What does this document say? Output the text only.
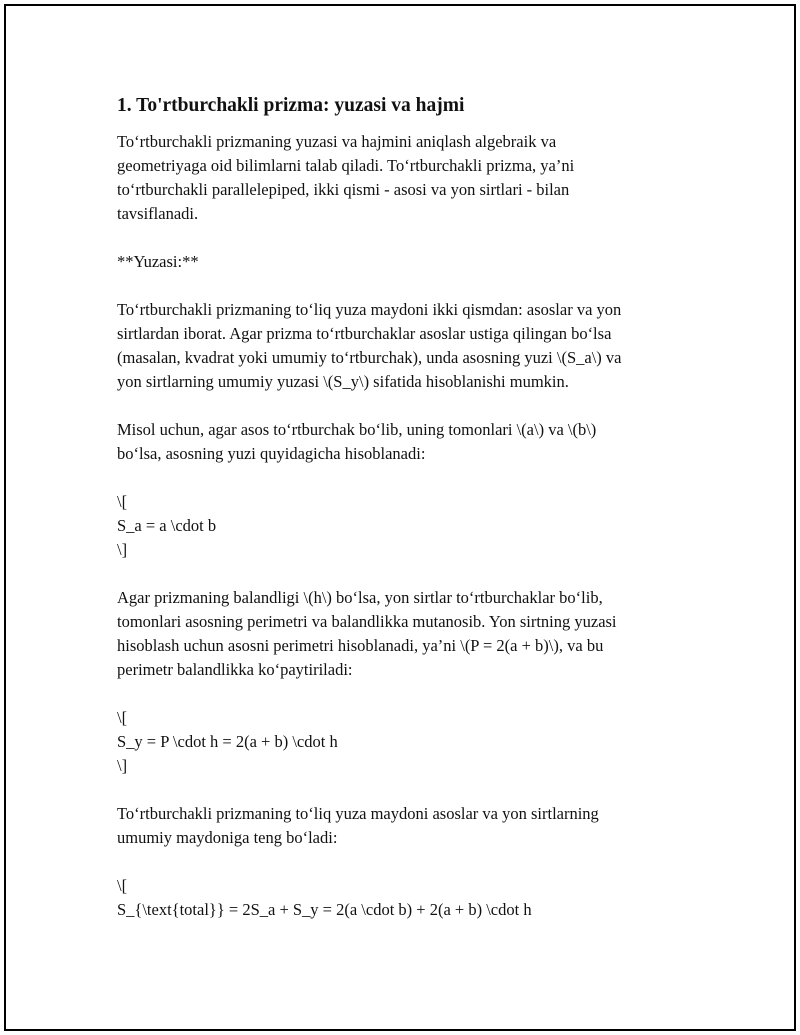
1. To'rtburchakli prizma: yuzasi va hajmi

To‘rtburchakli prizmaning yuzasi va hajmini aniqlash algebraik va
geometriyaga oid bilimlarni talab qiladi. To‘rtburchakli prizma, ya’ni
to‘rtburchakli parallelepiped, ikki qismi - asosi va yon sirtlari - bilan
tavsiflanadi.

**Yuzasi:**

To‘rtburchakli prizmaning to‘liq yuza maydoni ikki qismdan: asoslar va yon
sirtlardan iborat. Agar prizma to‘rtburchaklar asoslar ustiga qilingan bo‘lsa
(masalan, kvadrat yoki umumiy to‘rtburchak), unda asosning yuzi \(S_a\) va
yon sirtlarning umumiy yuzasi \(S_y\) sifatida hisoblanishi mumkin.

Misol uchun, agar asos to‘rtburchak bo‘lib, uning tomonlari \(a\) va \(b\)
bo‘lsa, asosning yuzi quyidagicha hisoblanadi:

\[
S_a = a \cdot b
\]

Agar prizmaning balandligi \(h\) bo‘lsa, yon sirtlar to‘rtburchaklar bo‘lib,
tomonlari asosning perimetri va balandlikka mutanosib. Yon sirtning yuzasi
hisoblash uchun asosni perimetri hisoblanadi, ya’ni \(P = 2(a + b)\), va bu
perimetr balandlikka ko‘paytiriladi:

\[
S_y = P \cdot h = 2(a + b) \cdot h
\]

To‘rtburchakli prizmaning to‘liq yuza maydoni asoslar va yon sirtlarning
umumiy maydoniga teng bo‘ladi:

\[
S_{\text{total}} = 2S_a + S_y = 2(a \cdot b) + 2(a + b) \cdot h
